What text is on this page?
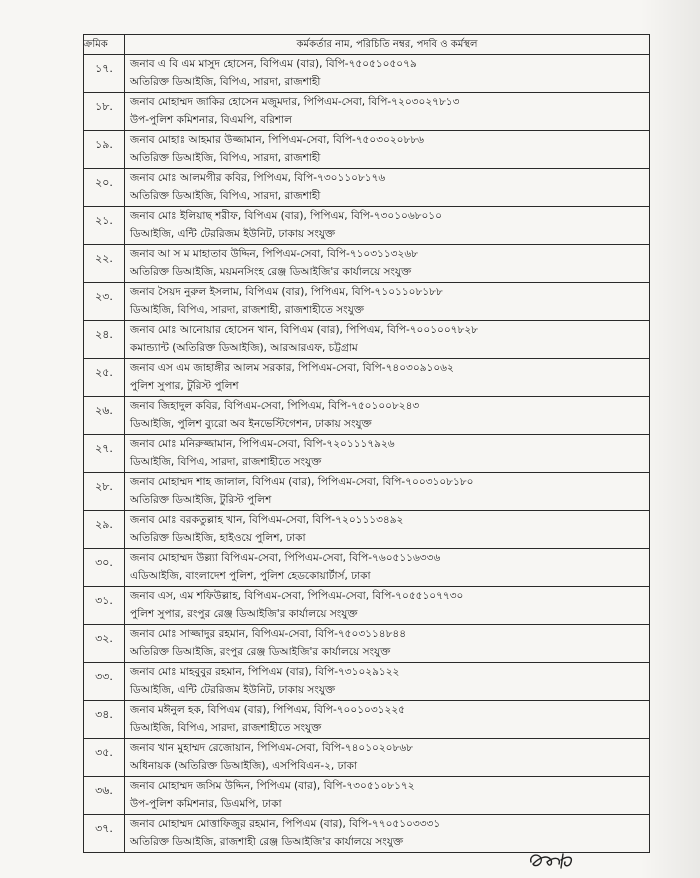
ক্রমিক	কর্মকর্তার নাম, পরিচিতি নম্বর, পদবি ও কর্মস্থল
১৭.	জনাব এ বি এম মাসুদ হোসেন, বিপিএম (বার), বিপি-৭৫০৫১০৫০৭৯
অতিরিক্ত ডিআইজি, বিপিএ, সারদা, রাজশাহী

১৮.	জনাব মোহাম্মদ জাকির হোসেন মজুমদার, পিপিএম-সেবা, বিপি-৭২০৩০২৭৮১৩
উপ-পুলিশ কমিশনার, বিএমপি, বরিশাল

১৯.	জনাব মোহাঃ আহমার উজ্জামান, পিপিএম-সেবা, বিপি-৭৫০৩০২০৮৮৬
অতিরিক্ত ডিআইজি, বিপিএ, সারদা, রাজশাহী

২০.	জনাব মোঃ আলমগীর কবির, পিপিএম, বিপি-৭৩০১১০৮১৭৬
অতিরিক্ত ডিআইজি, বিপিএ, সারদা, রাজশাহী

২১.	জনাব মোঃ ইলিয়াছ শরীফ, বিপিএম (বার), পিপিএম, বিপি-৭৩০১০৬৮০১০
ডিআইজি, এন্টি টেররিজম ইউনিট, ঢাকায় সংযুক্ত

২২.	জনাব আ স ম মাহাতাব উদ্দিন, পিপিএম-সেবা, বিপি-৭১০৩১১৩২৬৮
অতিরিক্ত ডিআইজি, ময়মনসিংহ রেঞ্জ ডিআইজি'র কার্যালয়ে সংযুক্ত

২৩.	জনাব সৈয়দ নুরুল ইসলাম, বিপিএম (বার), পিপিএম, বিপি-৭১০১১০৮১৮৮
ডিআইজি, বিপিএ, সারদা, রাজশাহী, রাজশাহীতে সংযুক্ত

২৪.	জনাব মোঃ আনোয়ার হোসেন খান, বিপিএম (বার), পিপিএম, বিপি-৭০০১০০৭৮২৮
কমান্ড্যান্ট (অতিরিক্ত ডিআইজি), আরআরএফ, চট্টগ্রাম

২৫.	জনাব এস এম জাহাঙ্গীর আলম সরকার, পিপিএম-সেবা, বিপি-৭৪০৩০৯১০৬২
পুলিশ সুপার, টুরিস্ট পুলিশ

২৬.	জনাব জিহাদুল কবির, বিপিএম-সেবা, পিপিএম, বিপি-৭৫০১০০৮২৪৩
ডিআইজি, পুলিশ ব্যুরো অব ইনভেস্টিগেশন, ঢাকায় সংযুক্ত

২৭.	জনাব মোঃ মনিরুজ্জামান, পিপিএম-সেবা, বিপি-৭২০১১১৭৯২৬
ডিআইজি, বিপিএ, সারদা, রাজশাহীতে সংযুক্ত

২৮.	জনাব মোহাম্মদ শাহ জালাল, বিপিএম (বার), পিপিএম-সেবা, বিপি-৭০০৩১০৮১৮০
অতিরিক্ত ডিআইজি, টুরিস্ট পুলিশ

২৯.	জনাব মোঃ বরকতুল্লাহ খান, বিপিএম-সেবা, বিপি-৭২০১১১৩৪৯২
অতিরিক্ত ডিআইজি, হাইওয়ে পুলিশ, ঢাকা

৩০.	জনাব মোহাম্মদ উল্ল্যা বিপিএম-সেবা, পিপিএম-সেবা, বিপি-৭৬০৫১১৬৩৩৬
এডিআইজি, বাংলাদেশ পুলিশ, পুলিশ হেডকোয়ার্টার্স, ঢাকা

৩১.	জনাব এস, এম শফিউল্লাহ, বিপিএম-সেবা, পিপিএম-সেবা, বিপি-৭০৫৫১০৭৭৩০
পুলিশ সুপার, রংপুর রেঞ্জ ডিআইজি'র কার্যালয়ে সংযুক্ত

৩২.	জনাব মোঃ সাজ্জাদুর রহমান, বিপিএম-সেবা, বিপি-৭৫০৩১১৪৮৪৪
অতিরিক্ত ডিআইজি, রংপুর রেঞ্জ ডিআইজি'র কার্যালয়ে সংযুক্ত

৩৩.	জনাব মোঃ মাহবুবুর রহমান, পিপিএম (বার), বিপি-৭৩১০২৯১২২
ডিআইজি, এন্টি টেররিজম ইউনিট, ঢাকায় সংযুক্ত

৩৪.	জনাব মঈনুল হক, বিপিএম (বার), পিপিএম, বিপি-৭০০১০৩১২২৫
ডিআইজি, বিপিএ, সারদা, রাজশাহীতে সংযুক্ত

৩৫.	জনাব খান মুহাম্মদ রেজোয়ান, পিপিএম-সেবা, বিপি-৭৪০১০২০৮৬৮
অধিনায়ক (অতিরিক্ত ডিআইজি), এসপিবিএন-২, ঢাকা

৩৬.	জনাব মোহাম্মদ জসিম উদ্দিন, পিপিএম (বার), বিপি-৭৩০৫১০৮১৭২
উপ-পুলিশ কমিশনার, ডিএমপি, ঢাকা

৩৭.	জনাব মোহাম্মদ মোত্তাফিজুর রহমান, পিপিএম (বার), বিপি-৭৭০৫১০৩৩৩১
অতিরিক্ত ডিআইজি, রাজশাহী রেঞ্জ ডিআইজি'র কার্যালয়ে সংযুক্ত
